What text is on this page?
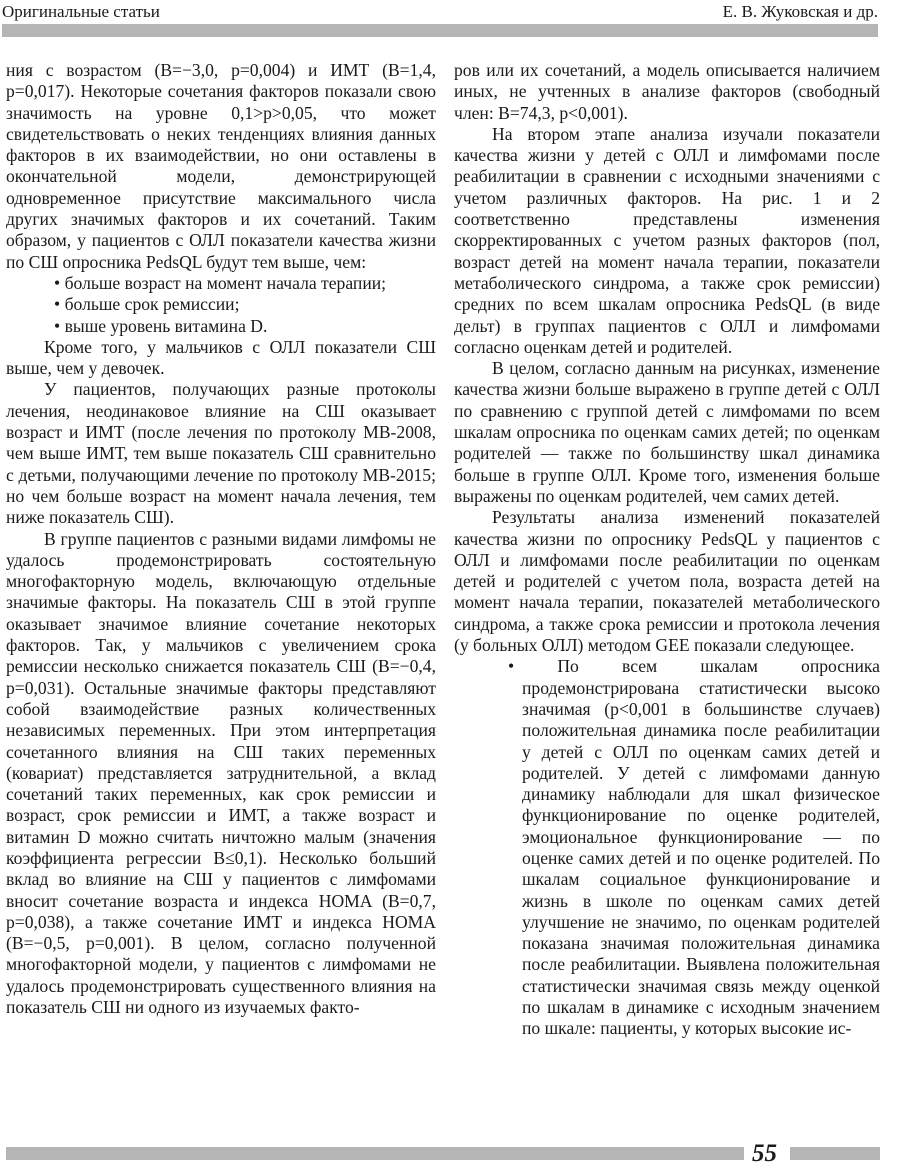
Оригинальные статьи	Е. В. Жуковская и др.

ния с возрастом (B=−3,0, p=0,004) и ИМТ (B=1,4, p=0,017). Некоторые сочетания факторов показали свою значимость на уровне 0,1>p>0,05, что может свидетельствовать о неких тенденциях влияния данных факторов в их взаимодействии, но они оставлены в окончательной модели, демонстрирующей одновременное присутствие максимального числа других значимых факторов и их сочетаний. Таким образом, у пациентов с ОЛЛ показатели качества жизни по СШ опросника PedsQL будут тем выше, чем:

• больше возраст на момент начала терапии;

• больше срок ремиссии;

• выше уровень витамина D.

Кроме того, у мальчиков с ОЛЛ показатели СШ выше, чем у девочек.

У пациентов, получающих разные протоколы лечения, неодинаковое влияние на СШ оказывает возраст и ИМТ (после лечения по протоколу МВ-2008, чем выше ИМТ, тем выше показатель СШ сравнительно с детьми, получающими лечение по протоколу МВ-2015; но чем больше возраст на момент начала лечения, тем ниже показатель СШ).

В группе пациентов с разными видами лимфомы не удалось продемонстрировать состоятельную многофакторную модель, включающую отдельные значимые факторы. На показатель СШ в этой группе оказывает значимое влияние сочетание некоторых факторов. Так, у мальчиков с увеличением срока ремиссии несколько снижается показатель СШ (B=−0,4, p=0,031). Остальные значимые факторы представляют собой взаимодействие разных количественных независимых переменных. При этом интерпретация сочетанного влияния на СШ таких переменных (ковариат) представляется затруднительной, а вклад сочетаний таких переменных, как срок ремиссии и возраст, срок ремиссии и ИМТ, а также возраст и витамин D можно считать ничтожно малым (значения коэффициента регрессии B≤0,1). Несколько больший вклад во влияние на СШ у пациентов с лимфомами вносит сочетание возраста и индекса HOMA (B=0,7, p=0,038), а также сочетание ИМТ и индекса HOMA (B=−0,5, p=0,001). В целом, согласно полученной многофакторной модели, у пациентов с лимфомами не удалось продемонстрировать существенного влияния на показатель СШ ни одного из изучаемых факто-

ров или их сочетаний, а модель описывается наличием иных, не учтенных в анализе факторов (свободный член: B=74,3, p<0,001).

На втором этапе анализа изучали показатели качества жизни у детей с ОЛЛ и лимфомами после реабилитации в сравнении с исходными значениями с учетом различных факторов. На рис. 1 и 2 соответственно представлены изменения скорректированных с учетом разных факторов (пол, возраст детей на момент начала терапии, показатели метаболического синдрома, а также срок ремиссии) средних по всем шкалам опросника PedsQL (в виде дельт) в группах пациентов с ОЛЛ и лимфомами согласно оценкам детей и родителей.

В целом, согласно данным на рисунках, изменение качества жизни больше выражено в группе детей с ОЛЛ по сравнению с группой детей с лимфомами по всем шкалам опросника по оценкам самих детей; по оценкам родителей — также по большинству шкал динамика больше в группе ОЛЛ. Кроме того, изменения больше выражены по оценкам родителей, чем самих детей.

Результаты анализа изменений показателей качества жизни по опроснику PedsQL у пациентов с ОЛЛ и лимфомами после реабилитации по оценкам детей и родителей с учетом пола, возраста детей на момент начала терапии, показателей метаболического синдрома, а также срока ремиссии и протокола лечения (у больных ОЛЛ) методом GEE показали следующее.

• По всем шкалам опросника продемонстрирована статистически высоко значимая (p<0,001 в большинстве случаев) положительная динамика после реабилитации у детей с ОЛЛ по оценкам самих детей и родителей. У детей с лимфомами данную динамику наблюдали для шкал физическое функционирование по оценке родителей, эмоциональное функционирование — по оценке самих детей и по оценке родителей. По шкалам социальное функционирование и жизнь в школе по оценкам самих детей улучшение не значимо, по оценкам родителей показана значимая положительная динамика после реабилитации. Выявлена положительная статистически значимая связь между оценкой по шкалам в динамике с исходным значением по шкале: пациенты, у которых высокие ис-

55
